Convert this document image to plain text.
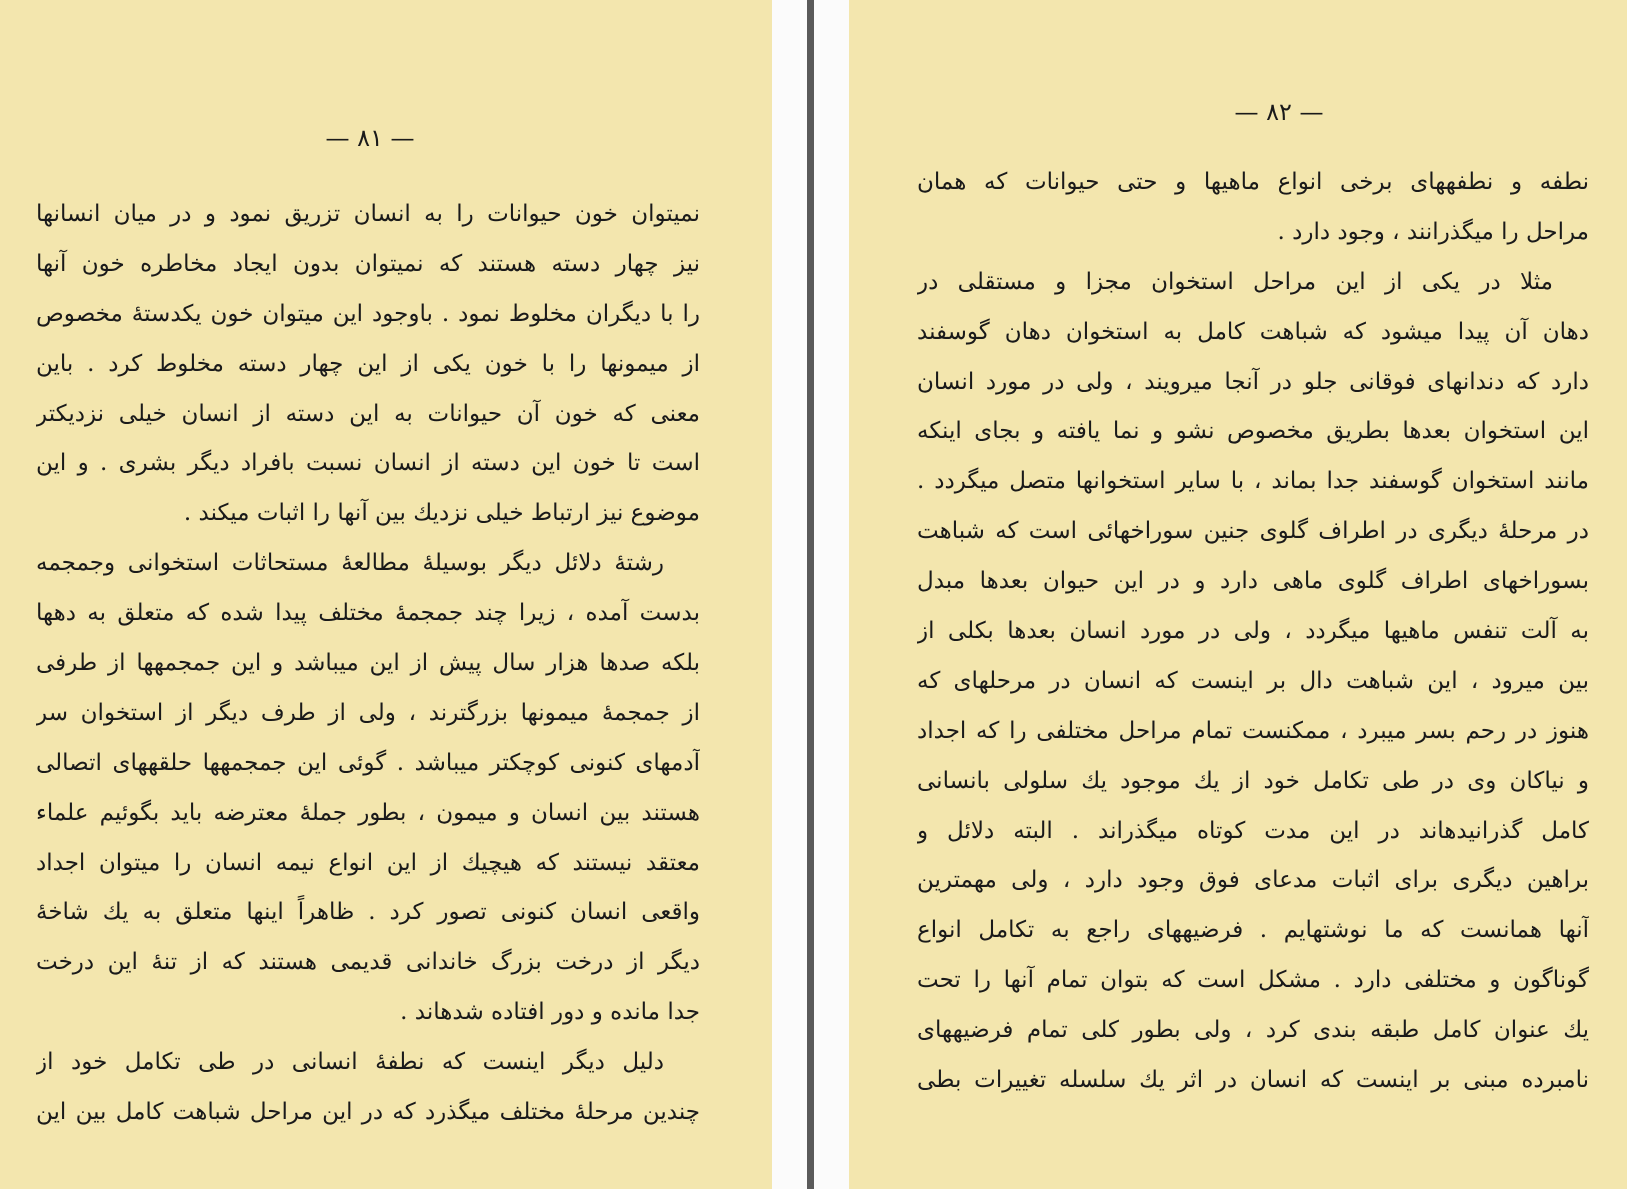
— ٨١ —
نمیتوان خون حیوانات را به انسان تزریق نمود و در میان انسانها
نیز چهار دسته هستند که نمیتوان بدون ایجاد مخاطره خون آنها
را با دیگران مخلوط نمود . باوجود این میتوان خون یکدستهٔ مخصوص
از میمونها را با خون یکی از این چهار دسته مخلوط کرد . باین
معنی که خون آن حیوانات به این دسته از انسان خیلی نزدیکتر
است تا خون این دسته از انسان نسبت بافراد دیگر بشری . و این
موضوع نیز ارتباط خیلی نزدیك بین آنها را اثبات میکند .
رشتهٔ دلائل دیگر بوسیلهٔ مطالعهٔ مستحاثات استخوانی وجمجمه
بدست آمده ، زیرا چند جمجمهٔ مختلف پیدا شده که متعلق به دهها
بلکه صدها هزار سال پیش از این میباشد و این جمجمهها از طرفی
از جمجمهٔ میمونها بزرگترند ، ولی از طرف دیگر از استخوان سر
آدمهای کنونی کوچکتر میباشد . گوئی این جمجمهها حلقههای اتصالی
هستند بین انسان و میمون ، بطور جملهٔ معترضه باید بگوئیم علماء
معتقد نیستند که هیچیك از این انواع نیمه انسان را میتوان اجداد
واقعی انسان کنونی تصور کرد . ظاهراً اینها متعلق به یك شاخهٔ
دیگر از درخت بزرگ خاندانی قدیمی هستند که از تنهٔ این درخت
جدا مانده و دور افتاده شدهاند .
دلیل دیگر اینست که نطفهٔ انسانی در طی تکامل خود از
چندین مرحلهٔ مختلف میگذرد که در این مراحل شباهت کامل بین این
— ٨٢ —
نطفه و نطفههای برخی انواع ماهیها و حتی حیوانات که همان
مراحل را میگذرانند ، وجود دارد .
مثلا در یکی از این مراحل استخوان مجزا و مستقلی در
دهان آن پیدا میشود که شباهت کامل به استخوان دهان گوسفند
دارد که دندانهای فوقانی جلو در آنجا میرویند ، ولی در مورد انسان
این استخوان بعدها بطریق مخصوص نشو و نما یافته و بجای اینکه
مانند استخوان گوسفند جدا بماند ، با سایر استخوانها متصل میگردد .
در مرحلهٔ دیگری در اطراف گلوی جنین سوراخهائی است که شباهت
بسوراخهای اطراف گلوی ماهی دارد و در این حیوان بعدها مبدل
به آلت تنفس ماهیها میگردد ، ولی در مورد انسان بعدها بکلی از
بین میرود ، این شباهت دال بر اینست که انسان در مرحلهای که
هنوز در رحم بسر میبرد ، ممکنست تمام مراحل مختلفی را که اجداد
و نیاکان وی در طی تکامل خود از یك موجود یك سلولی بانسانی
کامل گذرانیدهاند در این مدت کوتاه میگذراند . البته دلائل و
براهین دیگری برای اثبات مدعای فوق وجود دارد ، ولی مهمترین
آنها همانست که ما نوشتهایم . فرضیههای راجع به تکامل انواع
گوناگون و مختلفی دارد . مشکل است که بتوان تمام آنها را تحت
یك عنوان کامل طبقه بندی کرد ، ولی بطور کلی تمام فرضیههای
نامبرده مبنی بر اینست که انسان در اثر یك سلسله تغییرات بطی
